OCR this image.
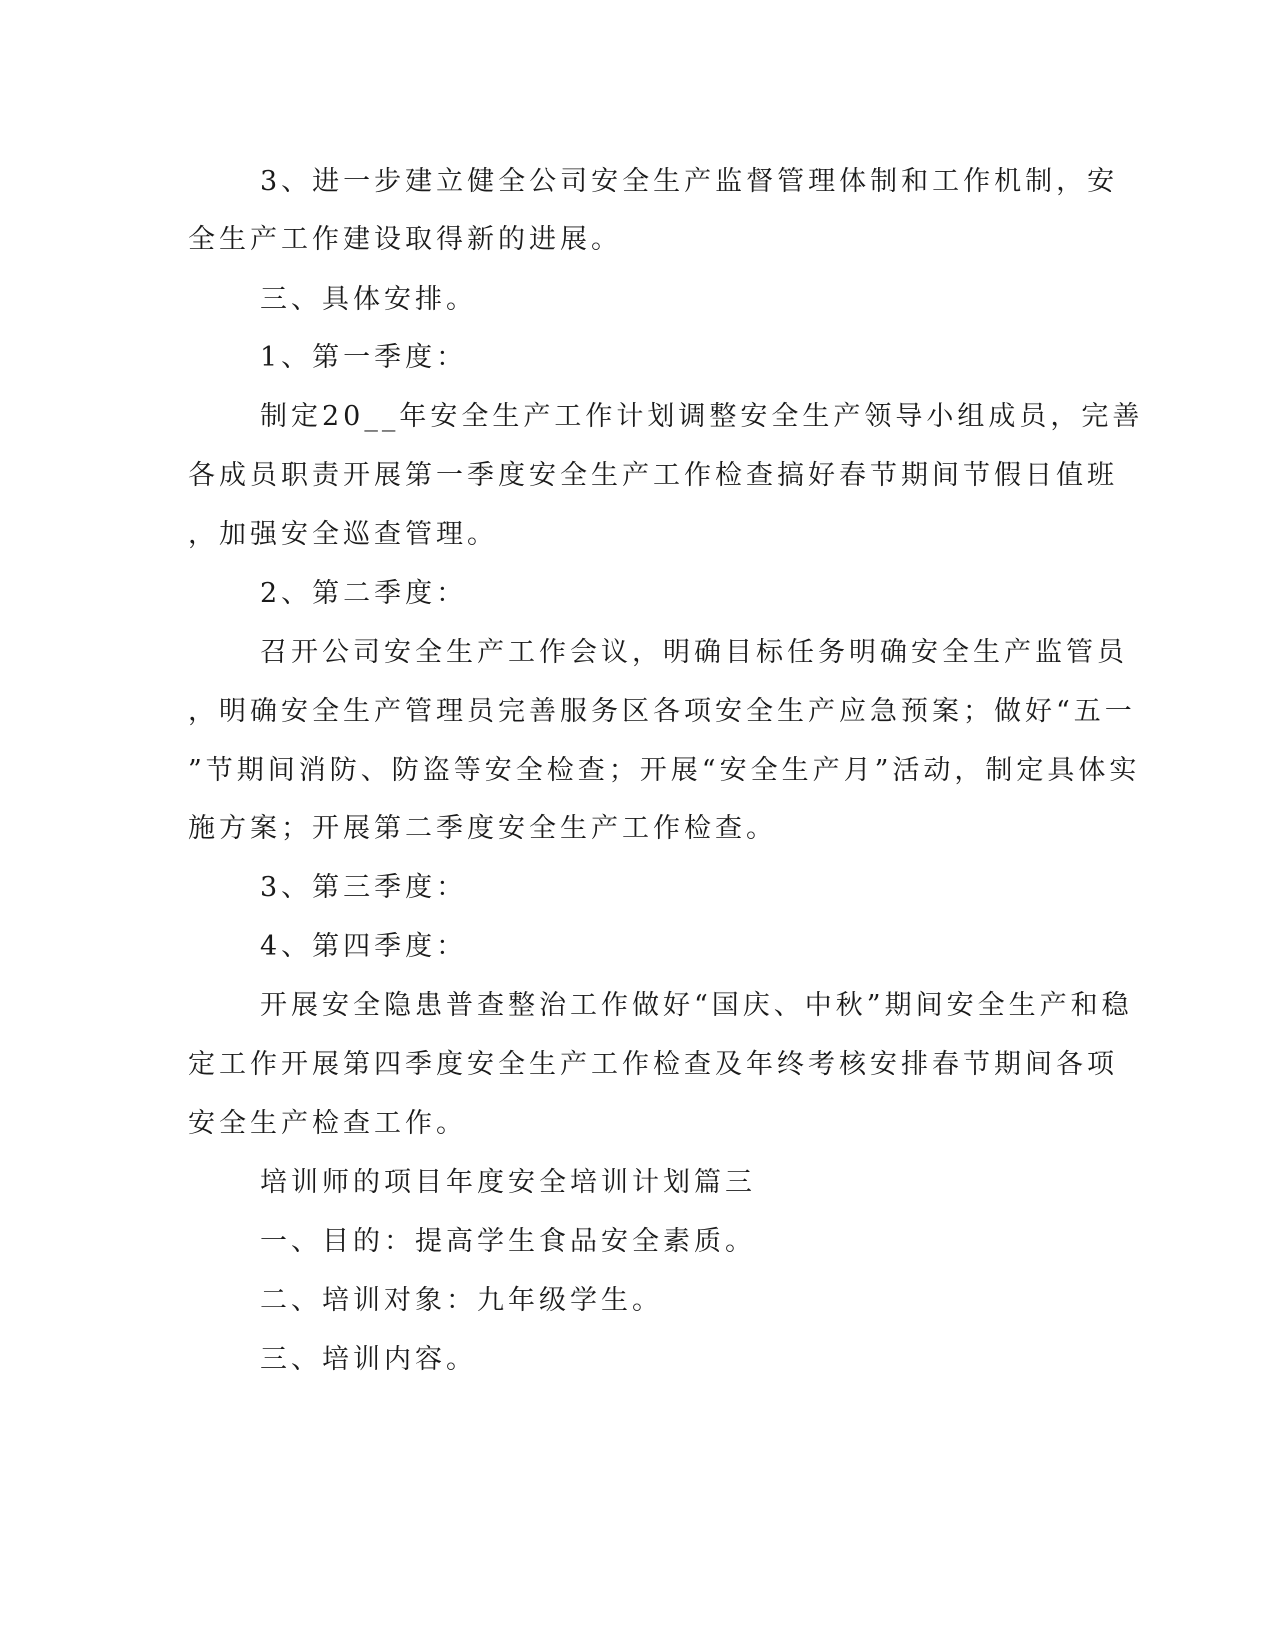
3、进一步建立健全公司安全生产监督管理体制和工作机制，安
全生产工作建设取得新的进展。
三、具体安排。
1、第一季度：
制定20__年安全生产工作计划调整安全生产领导小组成员，完善
各成员职责开展第一季度安全生产工作检查搞好春节期间节假日值班
，加强安全巡查管理。
2、第二季度：
召开公司安全生产工作会议，明确目标任务明确安全生产监管员
，明确安全生产管理员完善服务区各项安全生产应急预案；做好“五一
”节期间消防、防盗等安全检查；开展“安全生产月”活动，制定具体实
施方案；开展第二季度安全生产工作检查。
3、第三季度：
4、第四季度：
开展安全隐患普查整治工作做好“国庆、中秋”期间安全生产和稳
定工作开展第四季度安全生产工作检查及年终考核安排春节期间各项
安全生产检查工作。
培训师的项目年度安全培训计划篇三
一、目的：提高学生食品安全素质。
二、培训对象：九年级学生。
三、培训内容。
